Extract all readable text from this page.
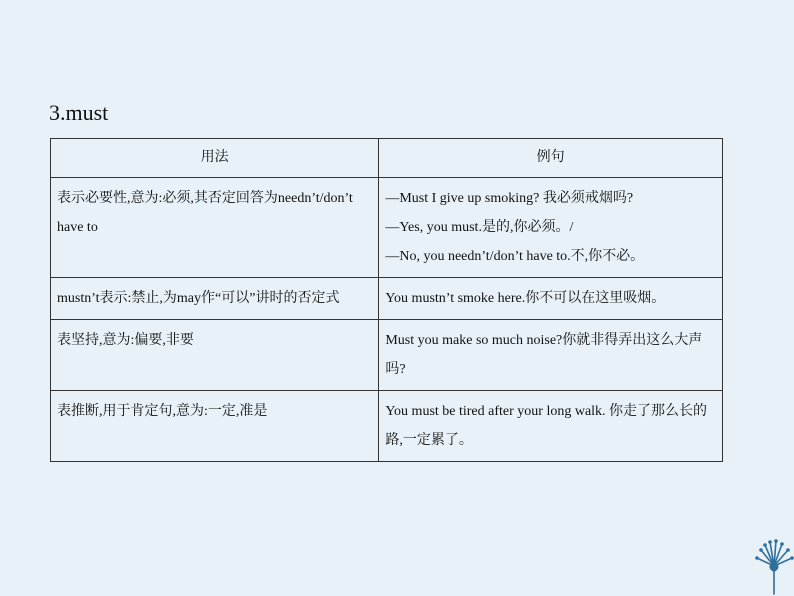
3.must
用法	例句
表示必要性,意为:必须,其否定回答为needn’t/don’t have to	—Must I give up smoking? 我必须戒烟吗?
—Yes, you must.是的,你必须。/
—No, you needn’t/don’t have to.不,你不必。

mustn’t表示:禁止,为may作“可以”讲时的否定式	You mustn’t smoke here.你不可以在这里吸烟。

表坚持,意为:偏要,非要	Must you make so much noise?你就非得弄出这么大声吗?

表推断,用于肯定句,意为:一定,准是	You must be tired after your long walk. 你走了那么长的路,一定累了。
